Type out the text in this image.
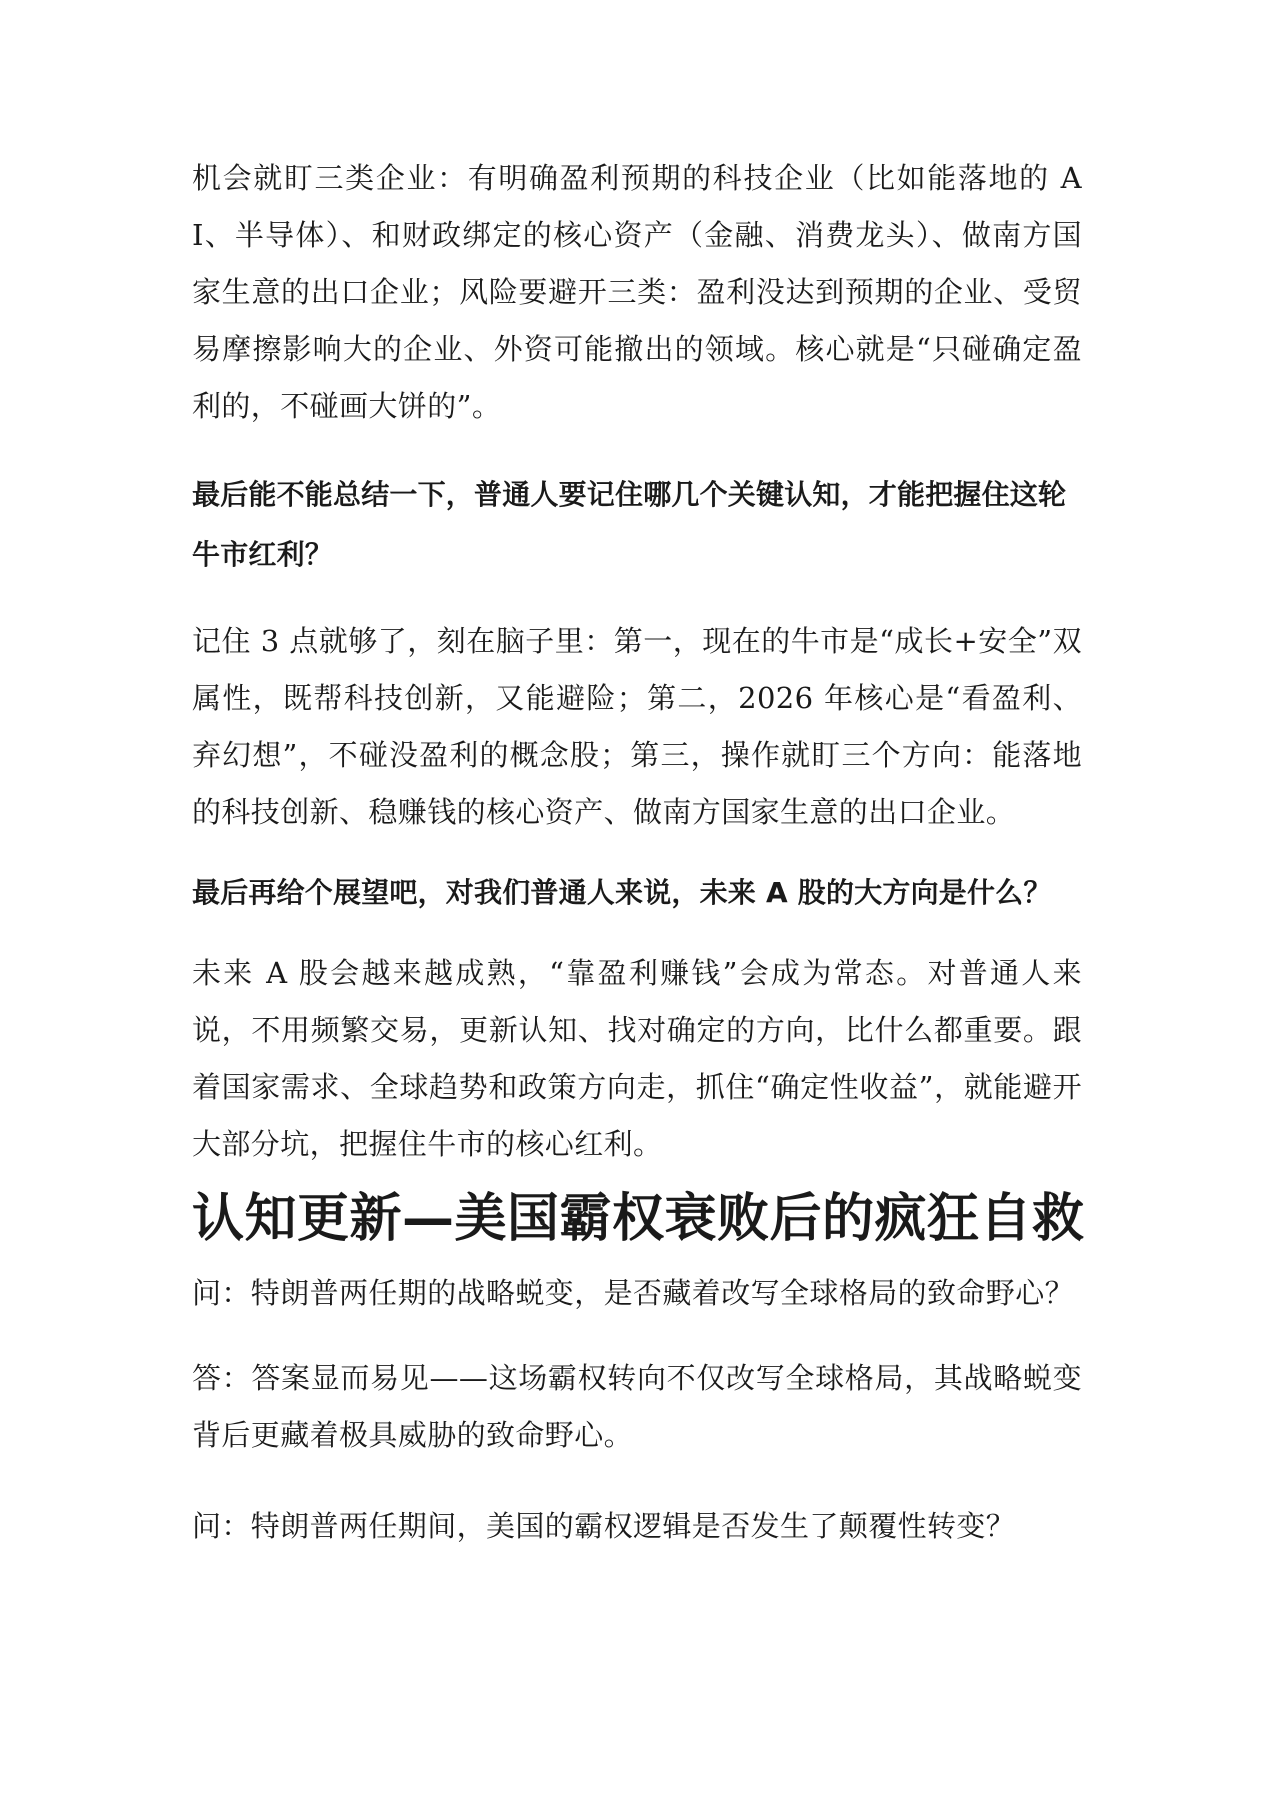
机会就盯三类企业：有明确盈利预期的科技企业（比如能落地的 AI、半导体）、和财政绑定的核心资产（金融、消费龙头）、做南方国家生意的出口企业；风险要避开三类：盈利没达到预期的企业、受贸易摩擦影响大的企业、外资可能撤出的领域。核心就是“只碰确定盈利的，不碰画大饼的”。

最后能不能总结一下，普通人要记住哪几个关键认知，才能把握住这轮牛市红利？

记住 3 点就够了，刻在脑子里：第一，现在的牛市是“成长+安全”双属性，既帮科技创新，又能避险；第二，2026 年核心是“看盈利、弃幻想”，不碰没盈利的概念股；第三，操作就盯三个方向：能落地的科技创新、稳赚钱的核心资产、做南方国家生意的出口企业。

最后再给个展望吧，对我们普通人来说，未来 A 股的大方向是什么？

未来 A 股会越来越成熟，“靠盈利赚钱”会成为常态。对普通人来说，不用频繁交易，更新认知、找对确定的方向，比什么都重要。跟着国家需求、全球趋势和政策方向走，抓住“确定性收益”，就能避开大部分坑，把握住牛市的核心红利。

认知更新—美国霸权衰败后的疯狂自救

问：特朗普两任期的战略蜕变，是否藏着改写全球格局的致命野心？

答：答案显而易见——这场霸权转向不仅改写全球格局，其战略蜕变背后更藏着极具威胁的致命野心。

问：特朗普两任期间，美国的霸权逻辑是否发生了颠覆性转变？
